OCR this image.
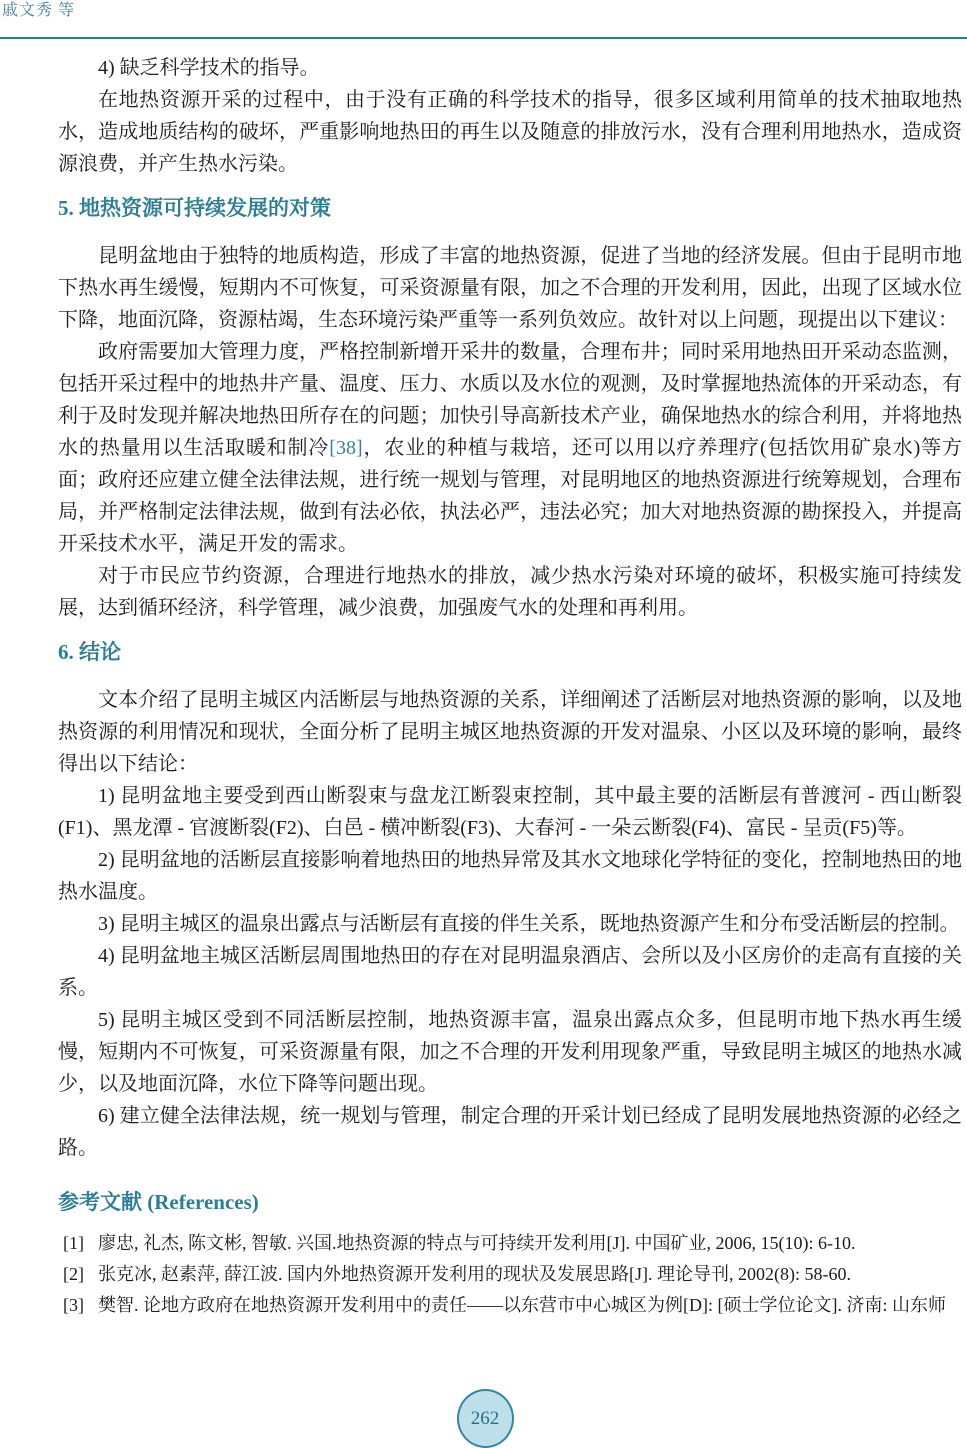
戚文秀 等

4) 缺乏科学技术的指导。

在地热资源开采的过程中，由于没有正确的科学技术的指导，很多区域利用简单的技术抽取地热水，造成地质结构的破坏，严重影响地热田的再生以及随意的排放污水，没有合理利用地热水，造成资源浪费，并产生热水污染。

5. 地热资源可持续发展的对策

昆明盆地由于独特的地质构造，形成了丰富的地热资源，促进了当地的经济发展。但由于昆明市地下热水再生缓慢，短期内不可恢复，可采资源量有限，加之不合理的开发利用，因此，出现了区域水位下降，地面沉降，资源枯竭，生态环境污染严重等一系列负效应。故针对以上问题，现提出以下建议：

政府需要加大管理力度，严格控制新增开采井的数量，合理布井；同时采用地热田开采动态监测，包括开采过程中的地热井产量、温度、压力、水质以及水位的观测，及时掌握地热流体的开采动态，有利于及时发现并解决地热田所存在的问题；加快引导高新技术产业，确保地热水的综合利用，并将地热水的热量用以生活取暖和制冷[38]，农业的种植与栽培，还可以用以疗养理疗(包括饮用矿泉水)等方面；政府还应建立健全法律法规，进行统一规划与管理，对昆明地区的地热资源进行统筹规划，合理布局，并严格制定法律法规，做到有法必依，执法必严，违法必究；加大对地热资源的勘探投入，并提高开采技术水平，满足开发的需求。

对于市民应节约资源，合理进行地热水的排放，减少热水污染对环境的破坏，积极实施可持续发展，达到循环经济，科学管理，减少浪费，加强废气水的处理和再利用。

6. 结论

文本介绍了昆明主城区内活断层与地热资源的关系，详细阐述了活断层对地热资源的影响，以及地热资源的利用情况和现状，全面分析了昆明主城区地热资源的开发对温泉、小区以及环境的影响，最终得出以下结论：

1) 昆明盆地主要受到西山断裂束与盘龙江断裂束控制，其中最主要的活断层有普渡河 - 西山断裂(F1)、黑龙潭 - 官渡断裂(F2)、白邑 - 横冲断裂(F3)、大春河 - 一朵云断裂(F4)、富民 - 呈贡(F5)等。

2) 昆明盆地的活断层直接影响着地热田的地热异常及其水文地球化学特征的变化，控制地热田的地热水温度。

3) 昆明主城区的温泉出露点与活断层有直接的伴生关系，既地热资源产生和分布受活断层的控制。

4) 昆明盆地主城区活断层周围地热田的存在对昆明温泉酒店、会所以及小区房价的走高有直接的关系。

5) 昆明主城区受到不同活断层控制，地热资源丰富，温泉出露点众多，但昆明市地下热水再生缓慢，短期内不可恢复，可采资源量有限，加之不合理的开发利用现象严重，导致昆明主城区的地热水减少，以及地面沉降，水位下降等问题出现。

6) 建立健全法律法规，统一规划与管理，制定合理的开采计划已经成了昆明发展地热资源的必经之路。

参考文献 (References)
[1] 廖忠, 礼杰, 陈文彬, 智敏. 兴国.地热资源的特点与可持续开发利用[J]. 中国矿业, 2006, 15(10): 6-10.
[2] 张克冰, 赵素萍, 薛江波. 国内外地热资源开发利用的现状及发展思路[J]. 理论导刊, 2002(8): 58-60.
[3] 樊智. 论地方政府在地热资源开发利用中的责任——以东营市中心城区为例[D]: [硕士学位论文]. 济南: 山东师
262
